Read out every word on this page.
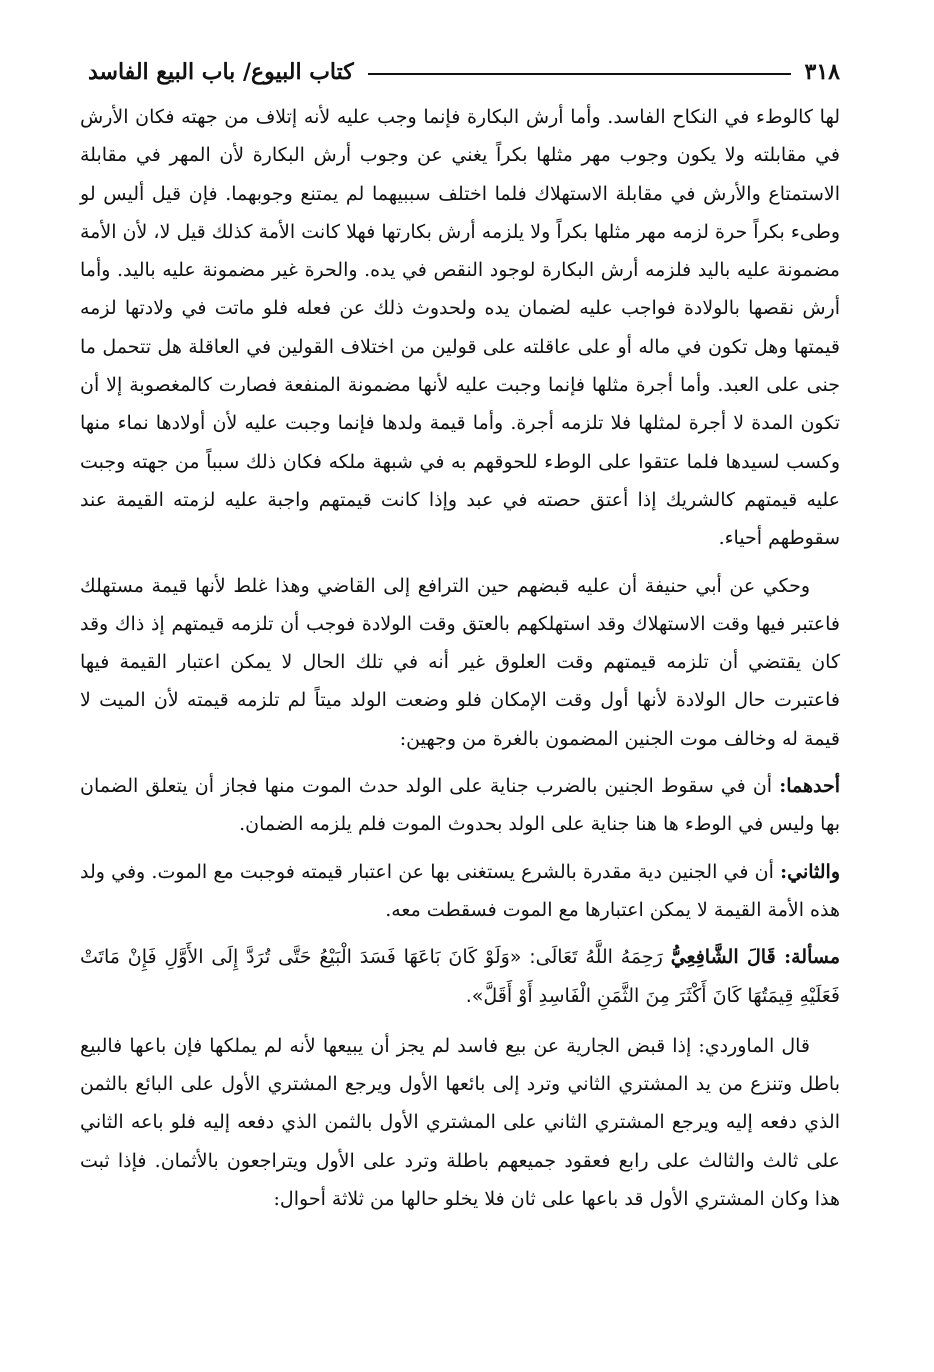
٣١٨
كتاب البيوع/ باب البيع الفاسد

لها كالوطء في النكاح الفاسد. وأما أرش البكارة فإنما وجب عليه لأنه إتلاف من جهته فكان الأرش في مقابلته ولا يكون وجوب مهر مثلها بكراً يغني عن وجوب أرش البكارة لأن المهر في مقابلة الاستمتاع والأرش في مقابلة الاستهلاك فلما اختلف سببيهما لم يمتنع وجوبهما. فإن قيل أليس لو وطىء بكراً حرة لزمه مهر مثلها بكراً ولا يلزمه أرش بكارتها فهلا كانت الأمة كذلك قيل لا، لأن الأمة مضمونة عليه باليد فلزمه أرش البكارة لوجود النقص في يده. والحرة غير مضمونة عليه باليد. وأما أرش نقصها بالولادة فواجب عليه لضمان يده ولحدوث ذلك عن فعله فلو ماتت في ولادتها لزمه قيمتها وهل تكون في ماله أو على عاقلته على قولين من اختلاف القولين في العاقلة هل تتحمل ما جنى على العبد. وأما أجرة مثلها فإنما وجبت عليه لأنها مضمونة المنفعة فصارت كالمغصوبة إلا أن تكون المدة لا أجرة لمثلها فلا تلزمه أجرة. وأما قيمة ولدها فإنما وجبت عليه لأن أولادها نماء منها وكسب لسيدها فلما عتقوا على الوطء للحوقهم به في شبهة ملكه فكان ذلك سبباً من جهته وجبت عليه قيمتهم كالشريك إذا أعتق حصته في عبد وإذا كانت قيمتهم واجبة عليه لزمته القيمة عند سقوطهم أحياء.

وحكي عن أبي حنيفة أن عليه قبضهم حين الترافع إلى القاضي وهذا غلط لأنها قيمة مستهلك فاعتبر فيها وقت الاستهلاك وقد استهلكهم بالعتق وقت الولادة فوجب أن تلزمه قيمتهم إذ ذاك وقد كان يقتضي أن تلزمه قيمتهم وقت العلوق غير أنه في تلك الحال لا يمكن اعتبار القيمة فيها فاعتبرت حال الولادة لأنها أول وقت الإمكان فلو وضعت الولد ميتاً لم تلزمه قيمته لأن الميت لا قيمة له وخالف موت الجنين المضمون بالغرة من وجهين:

أحدهما: أن في سقوط الجنين بالضرب جناية على الولد حدث الموت منها فجاز أن يتعلق الضمان بها وليس في الوطء ها هنا جناية على الولد بحدوث الموت فلم يلزمه الضمان.

والثاني: أن في الجنين دية مقدرة بالشرع يستغنى بها عن اعتبار قيمته فوجبت مع الموت. وفي ولد هذه الأمة القيمة لا يمكن اعتبارها مع الموت فسقطت معه.

مسألة: قَالَ الشَّافِعِيُّ رَحِمَهُ اللَّهُ تَعَالَى: «وَلَوْ كَانَ بَاعَهَا فَسَدَ الْبَيْعُ حَتَّى تُرَدَّ إِلَى الأَوَّلِ فَإِنْ مَاتَتْ فَعَلَيْهِ قِيمَتُهَا كَانَ أَكْثَرَ مِنَ الثَّمَنِ الْفَاسِدِ أَوْ أَقَلَّ».

قال الماوردي: إذا قبض الجارية عن بيع فاسد لم يجز أن يبيعها لأنه لم يملكها فإن باعها فالبيع باطل وتنزع من يد المشتري الثاني وترد إلى بائعها الأول ويرجع المشتري الأول على البائع بالثمن الذي دفعه إليه ويرجع المشتري الثاني على المشتري الأول بالثمن الذي دفعه إليه فلو باعه الثاني على ثالث والثالث على رابع فعقود جميعهم باطلة وترد على الأول ويتراجعون بالأثمان. فإذا ثبت هذا وكان المشتري الأول قد باعها على ثان فلا يخلو حالها من ثلاثة أحوال:
